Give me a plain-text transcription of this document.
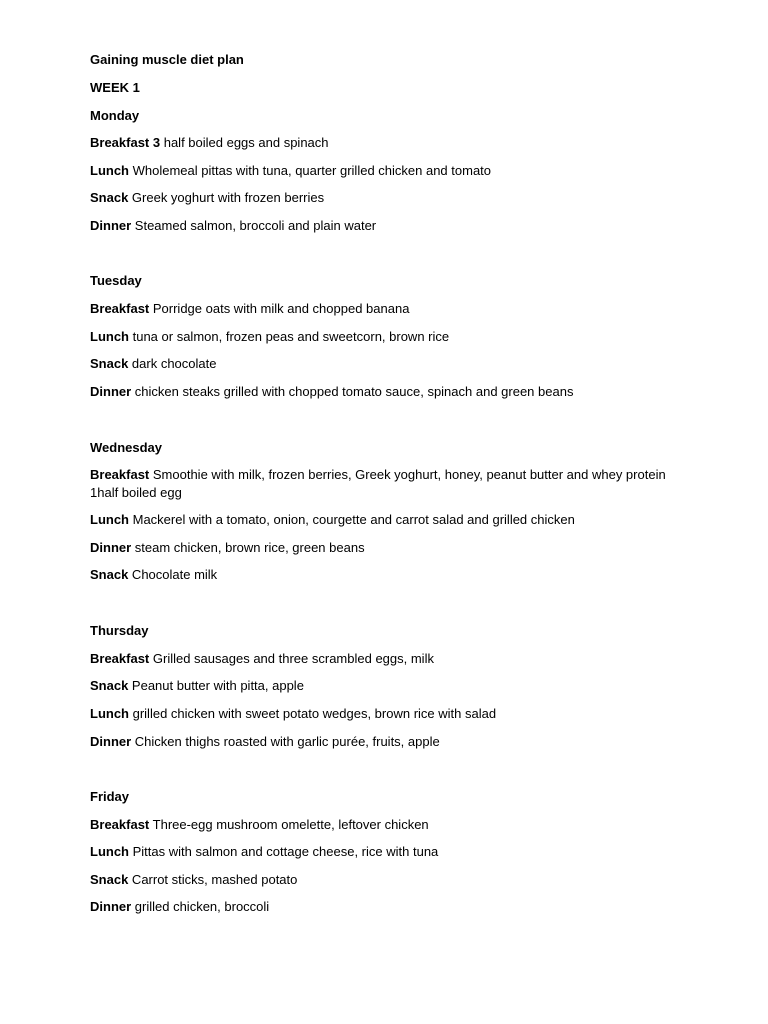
Gaining muscle diet plan

WEEK 1

Monday

Breakfast 3 half boiled eggs and spinach

Lunch Wholemeal pittas with tuna, quarter grilled chicken and tomato

Snack Greek yoghurt with frozen berries

Dinner Steamed salmon, broccoli and plain water

Tuesday

Breakfast Porridge oats with milk and chopped banana

Lunch tuna or salmon, frozen peas and sweetcorn, brown rice

Snack dark chocolate

Dinner chicken steaks grilled with chopped tomato sauce, spinach and green beans

Wednesday

Breakfast Smoothie with milk, frozen berries, Greek yoghurt, honey, peanut butter and whey protein 1half boiled egg

Lunch Mackerel with a tomato, onion, courgette and carrot salad and grilled chicken

Dinner steam chicken, brown rice, green beans

Snack Chocolate milk

Thursday

Breakfast Grilled sausages and three scrambled eggs, milk

Snack Peanut butter with pitta, apple

Lunch grilled chicken with sweet potato wedges, brown rice with salad

Dinner Chicken thighs roasted with garlic purée, fruits, apple

Friday

Breakfast Three-egg mushroom omelette, leftover chicken

Lunch Pittas with salmon and cottage cheese, rice with tuna

Snack Carrot sticks, mashed potato

Dinner grilled chicken, broccoli
